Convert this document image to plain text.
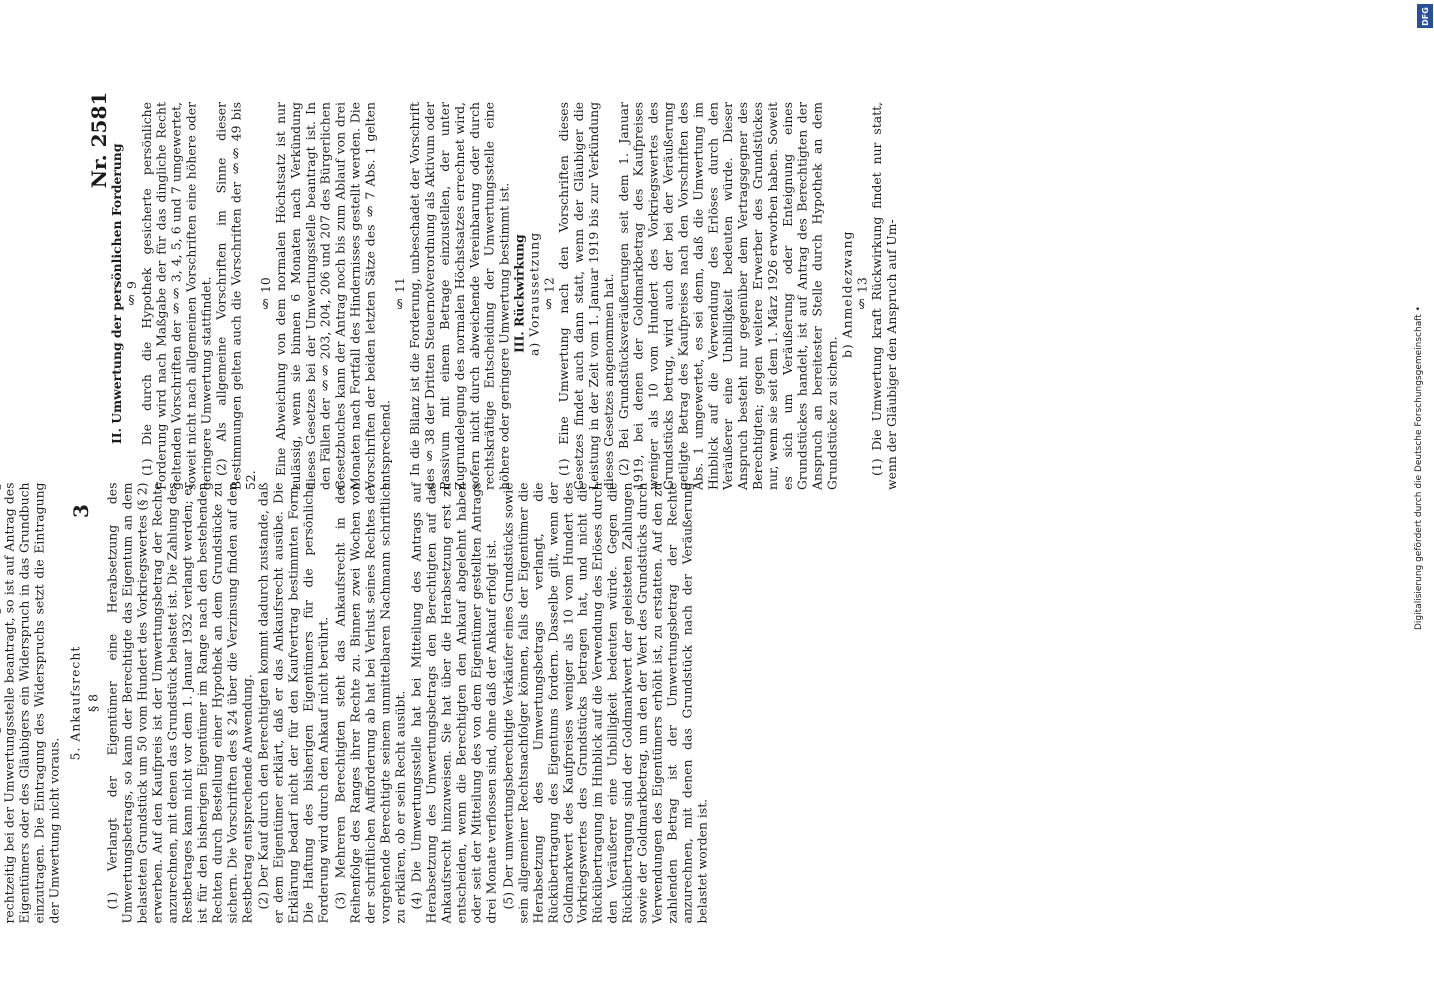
3
Nr. 2581

rechtzeitig bei der Umwertungsstelle beantragt, so ist auf Antrag des Eigentümers oder des Gläubigers ein Widerspruch in das Grundbuch einzutragen. Die Eintragung des Widerspruchs setzt die Eintragung der Umwertung nicht voraus.

5. Ankaufsrecht § 8 (1) Verlangt der Eigentümer eine Herabsetzung des Umwertungsbetrags, so kann der Berechtigte das Eigentum an dem belasteten Grundstück um 50 vom Hundert des Vorkriegswertes (§ 2) erwerben. Auf den Kaufpreis ist der Umwertungsbetrag der Rechte anzurechnen, mit denen das Grundstück belastet ist. Die Zahlung des Restbetrages kann nicht vor dem 1. Januar 1932 verlangt werden; er ist für den bisherigen Eigentümer im Range nach den bestehenden Rechten durch Bestellung einer Hypothek an dem Grundstücke zu sichern. Die Vorschriften des § 24 über die Verzinsung finden auf den Restbetrag entsprechende Anwendung. (2) Der Kauf durch den Berechtigten kommt dadurch zustande, daß er dem Eigentümer erklärt, daß er das Ankaufsrecht ausübe. Die Erklärung bedarf nicht der für den Kaufvertrag bestimmten Form. Die Haftung des bisherigen Eigentümers für die persönliche Forderung wird durch den Ankauf nicht berührt. (3) Mehreren Berechtigten steht das Ankaufsrecht in der Reihenfolge des Ranges ihrer Rechte zu. Binnen zwei Wochen von der schriftlichen Aufforderung ab hat bei Verlust seines Rechtes der vorgehende Berechtigte seinem unmittelbaren Nachmann schriftlich zu erklären, ob er sein Recht ausübt. (4) Die Umwertungsstelle hat bei Mitteilung des Antrags auf Herabsetzung des Umwertungsbetrags den Berechtigten auf das Ankaufsrecht hinzuweisen. Sie hat über die Herabsetzung erst zu entscheiden, wenn die Berechtigten den Ankauf abgelehnt haben oder seit der Mitteilung des von dem Eigentümer gestellten Antrags drei Monate verflossen sind, ohne daß der Ankauf erfolgt ist. (5) Der umwertungsberechtigte Verkäufer eines Grundstücks sowie sein allgemeiner Rechtsnachfolger können, falls der Eigentümer die Herabsetzung des Umwertungsbetrags verlangt, die Rückübertragung des Eigentums fordern. Dasselbe gilt, wenn der Goldmarkwert des Kaufpreises weniger als 10 vom Hundert des Vorkriegswertes des Grundstücks betragen hat, und nicht die Rückübertragung im Hinblick auf die Verwendung des Erlöses durch den Veräußerer eine Unbilligkeit bedeuten würde. Gegen die Rückübertragung sind der Goldmarkwert der geleisteten Zahlungen sowie der Goldmarkbetrag, um den der Wert des Grundstücks durch Verwendungen des Eigentümers erhöht ist, zu erstatten. Auf den zu zahlenden Betrag ist der Umwertungsbetrag der Rechte anzurechnen, mit denen das Grundstück nach der Veräußerung belastet worden ist.

II. Umwertung der persönlichen Forderung § 9 (1) Die durch die Hypothek gesicherte persönliche Forderung wird nach Maßgabe der für das dingliche Recht geltenden Vorschriften der §§ 3, 4, 5, 6 und 7 umgewertet, soweit nicht nach allgemeinen Vorschriften eine höhere oder geringere Umwertung stattfindet. (2) Als allgemeine Vorschriften im Sinne dieser Bestimmungen gelten auch die Vorschriften der §§ 49 bis 52.

§ 10 Eine Abweichung von dem normalen Höchstsatz ist nur zulässig, wenn sie binnen 6 Monaten nach Verkündung dieses Gesetzes bei der Umwertungsstelle beantragt ist. In den Fällen der §§ 203, 204, 206 und 207 des Bürgerlichen Gesetzbuches kann der Antrag noch bis zum Ablauf von drei Monaten nach Fortfall des Hindernisses gestellt werden. Die Vorschriften der beiden letzten Sätze des § 7 Abs. 1 gelten entsprechend.

§ 11 In die Bilanz ist die Forderung, unbeschadet der Vorschrift des § 38 der Dritten Steuernotverordnung als Aktivum oder Passivum mit einem Betrage einzustellen, der unter Zugrundelegung des normalen Höchstsatzes errechnet wird, sofern nicht durch abweichende Vereinbarung oder durch rechtskräftige Entscheidung der Umwertungsstelle eine höhere oder geringere Umwertung bestimmt ist. III. Rückwirkung a) Voraussetzung § 12 (1) Eine Umwertung nach den Vorschriften dieses Gesetzes findet auch dann statt, wenn der Gläubiger die Leistung in der Zeit vom 1. Januar 1919 bis zur Verkündung dieses Gesetzes angenommen hat. (2) Bei Grundstücksveräußerungen seit dem 1. Januar 1919, bei denen der Goldmarkbetrag des Kaufpreises weniger als 10 vom Hundert des Vorkriegswertes des Grundstücks betrug, wird auch der bei der Veräußerung getilgte Betrag des Kaufpreises nach den Vorschriften des Abs. 1 umgewertet, es sei denn, daß die Umwertung im Hinblick auf die Verwendung des Erlöses durch den Veräußerer eine Unbilligkeit bedeuten würde. Dieser Anspruch besteht nur gegenüber dem Vertragsgegner des Berechtigten; gegen weitere Erwerber des Grundstückes nur, wenn sie seit dem 1. März 1926 erworben haben. Soweit es sich um Veräußerung oder Enteignung eines Grundstückes handelt, ist auf Antrag des Berechtigten der Anspruch an bereitester Stelle durch Hypothek an dem Grundstücke zu sichern.

b) Anmeldezwang § 13 (1) Die Umwertung kraft Rückwirkung findet nur statt, wenn der Gläubiger den Anspruch auf Um-	Digitalisierung gefördert durch die Deutsche Forschungsgemeinschaft •
DFG
